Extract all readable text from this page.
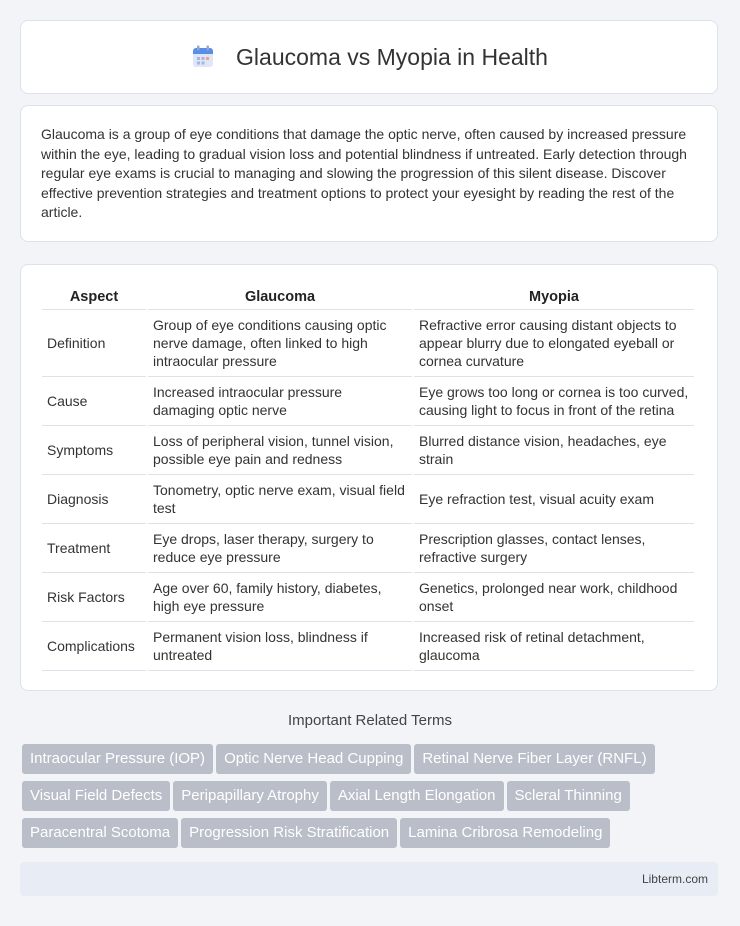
Glaucoma vs Myopia in Health

Glaucoma is a group of eye conditions that damage the optic nerve, often caused by increased pressure within the eye, leading to gradual vision loss and potential blindness if untreated. Early detection through regular eye exams is crucial to managing and slowing the progression of this silent disease. Discover effective prevention strategies and treatment options to protect your eyesight by reading the rest of the article.

Aspect	Glaucoma	Myopia
Definition	Group of eye conditions causing optic nerve damage, often linked to high intraocular pressure	Refractive error causing distant objects to appear blurry due to elongated eyeball or cornea curvature
Cause	Increased intraocular pressure damaging optic nerve	Eye grows too long or cornea is too curved, causing light to focus in front of the retina
Symptoms	Loss of peripheral vision, tunnel vision, possible eye pain and redness	Blurred distance vision, headaches, eye strain
Diagnosis	Tonometry, optic nerve exam, visual field test	Eye refraction test, visual acuity exam
Treatment	Eye drops, laser therapy, surgery to reduce eye pressure	Prescription glasses, contact lenses, refractive surgery
Risk Factors	Age over 60, family history, diabetes, high eye pressure	Genetics, prolonged near work, childhood onset
Complications	Permanent vision loss, blindness if untreated	Increased risk of retinal detachment, glaucoma
Important Related Terms
Intraocular Pressure (IOP) Optic Nerve Head Cupping Retinal Nerve Fiber Layer (RNFL)
Visual Field Defects Peripapillary Atrophy Axial Length Elongation Scleral Thinning
Paracentral Scotoma Progression Risk Stratification Lamina Cribrosa Remodeling
Libterm.com
